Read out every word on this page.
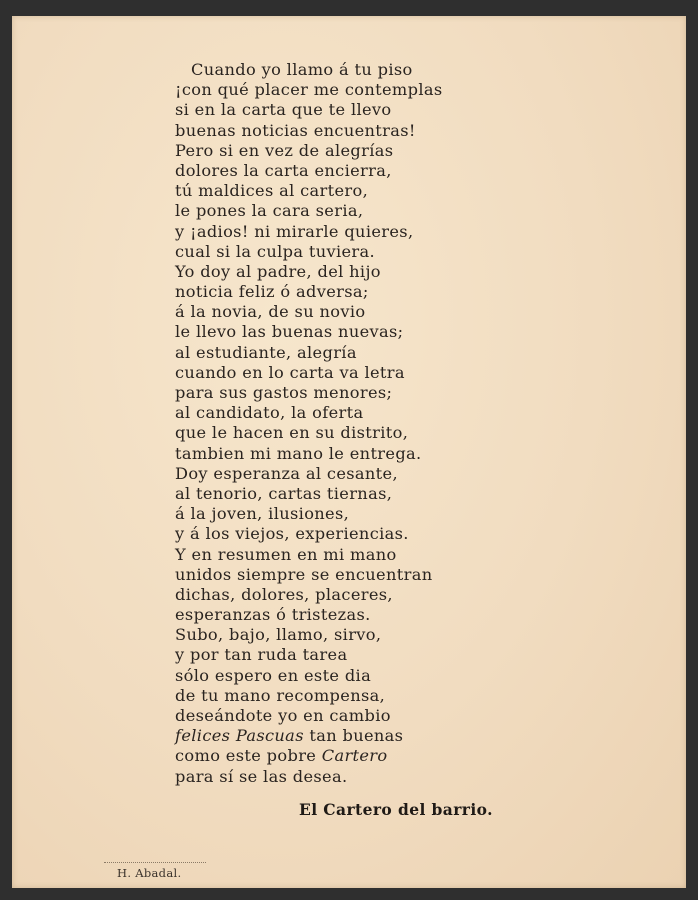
Cuando yo llamo á tu piso
¡con qué placer me contemplas
si en la carta que te llevo
buenas noticias encuentras!
Pero si en vez de alegrías
dolores la carta encierra,
tú maldices al cartero,
le pones la cara seria,
y ¡adios! ni mirarle quieres,
cual si la culpa tuviera.
Yo doy al padre, del hijo
noticia feliz ó adversa;
á la novia, de su novio
le llevo las buenas nuevas;
al estudiante, alegría
cuando en lo carta va letra
para sus gastos menores;
al candidato, la oferta
que le hacen en su distrito,
tambien mi mano le entrega.
Doy esperanza al cesante,
al tenorio, cartas tiernas,
á la joven, ilusiones,
y á los viejos, experiencias.
Y en resumen en mi mano
unidos siempre se encuentran
dichas, dolores, placeres,
esperanzas ó tristezas.
Subo, bajo, llamo, sirvo,
y por tan ruda tarea
sólo espero en este dia
de tu mano recompensa,
deseándote yo en cambio
felices Pascuas tan buenas
como este pobre Cartero
para sí se las desea.
El Cartero del barrio.
H. Abadal.
